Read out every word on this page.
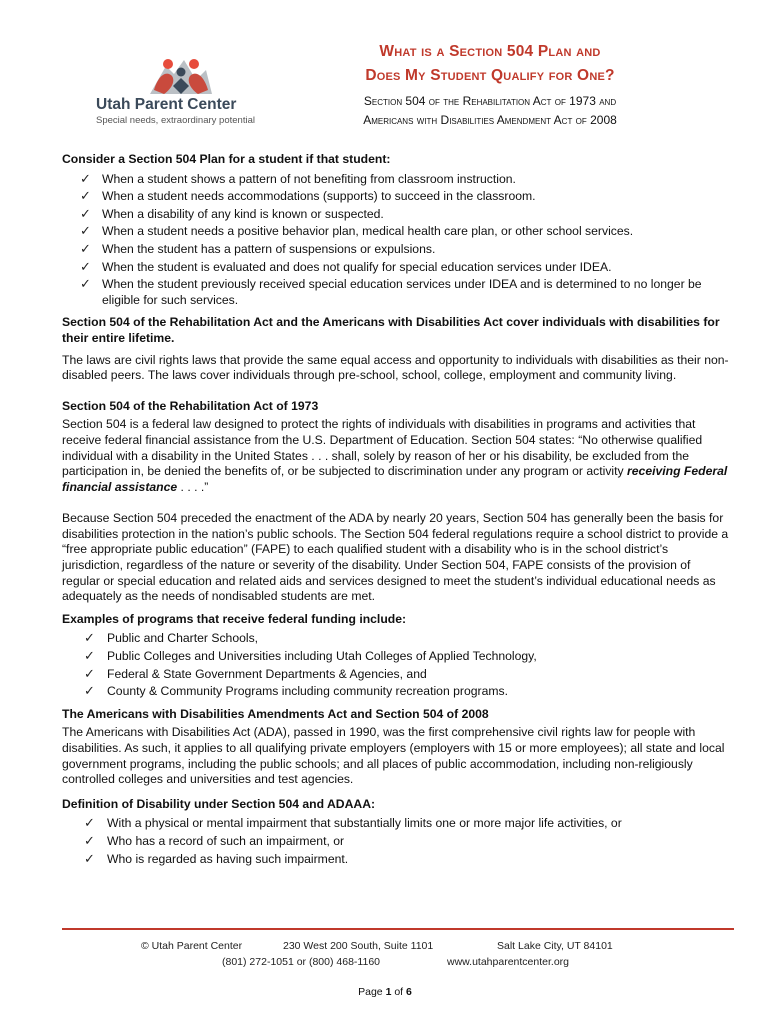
Utah Parent Center
Special needs, extraordinary potential
What is a Section 504 Plan and
Does My Student Qualify for One?
Section 504 of the Rehabilitation Act of 1973 and
Americans with Disabilities Amendment Act of 2008

Consider a Section 504 Plan for a student if that student:

✓ When a student shows a pattern of not benefiting from classroom instruction.
✓ When a student needs accommodations (supports) to succeed in the classroom.
✓ When a disability of any kind is known or suspected.
✓ When a student needs a positive behavior plan, medical health care plan, or other school services.
✓ When the student has a pattern of suspensions or expulsions.
✓ When the student is evaluated and does not qualify for special education services under IDEA.
✓ When the student previously received special education services under IDEA and is determined to no longer be eligible for such services.

Section 504 of the Rehabilitation Act and the Americans with Disabilities Act cover individuals with disabilities for their entire lifetime.

The laws are civil rights laws that provide the same equal access and opportunity to individuals with disabilities as their non-disabled peers. The laws cover individuals through pre-school, school, college, employment and community living.

Section 504 of the Rehabilitation Act of 1973

Section 504 is a federal law designed to protect the rights of individuals with disabilities in programs and activities that receive federal financial assistance from the U.S. Department of Education. Section 504 states: “No otherwise qualified individual with a disability in the United States . . . shall, solely by reason of her or his disability, be excluded from the participation in, be denied the benefits of, or be subjected to discrimination under any program or activity receiving Federal financial assistance . . . .”

Because Section 504 preceded the enactment of the ADA by nearly 20 years, Section 504 has generally been the basis for disabilities protection in the nation’s public schools. The Section 504 federal regulations require a school district to provide a “free appropriate public education” (FAPE) to each qualified student with a disability who is in the school district’s jurisdiction, regardless of the nature or severity of the disability. Under Section 504, FAPE consists of the provision of regular or special education and related aids and services designed to meet the student’s individual educational needs as adequately as the needs of nondisabled students are met.

Examples of programs that receive federal funding include:

✓ Public and Charter Schools,
✓ Public Colleges and Universities including Utah Colleges of Applied Technology,
✓ Federal & State Government Departments & Agencies, and
✓ County & Community Programs including community recreation programs.

The Americans with Disabilities Amendments Act and Section 504 of 2008

The Americans with Disabilities Act (ADA), passed in 1990, was the first comprehensive civil rights law for people with disabilities. As such, it applies to all qualifying private employers (employers with 15 or more employees); all state and local government programs, including the public schools; and all places of public accommodation, including non-religiously controlled colleges and universities and test agencies.

Definition of Disability under Section 504 and ADAAA:

✓ With a physical or mental impairment that substantially limits one or more major life activities, or
✓ Who has a record of such an impairment, or
✓ Who is regarded as having such impairment.
© Utah Parent Center	230 West 200 South, Suite 1101	Salt Lake City, UT 84101
(801) 272-1051 or (800) 468-1160	www.utahparentcenter.org
Page 1 of 6
